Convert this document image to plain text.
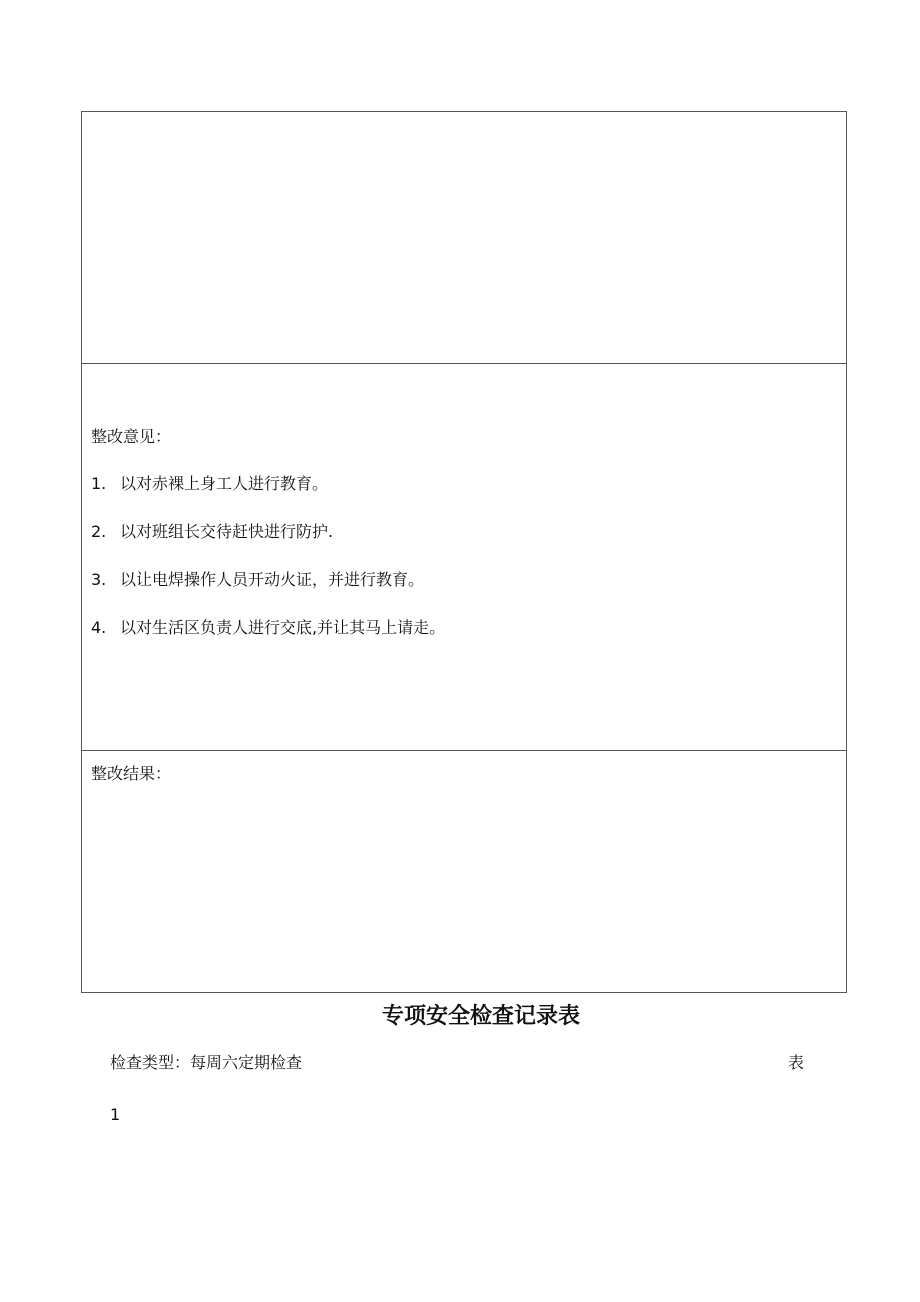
整改意见：
1. 以对赤裸上身工人进行教育。
2. 以对班组长交待赶快进行防护.
3. 以让电焊操作人员开动火证，并进行教育。
4. 以对生活区负责人进行交底,并让其马上请走。
整改结果：
专项安全检查记录表
检查类型：每周六定期检查	表
1
